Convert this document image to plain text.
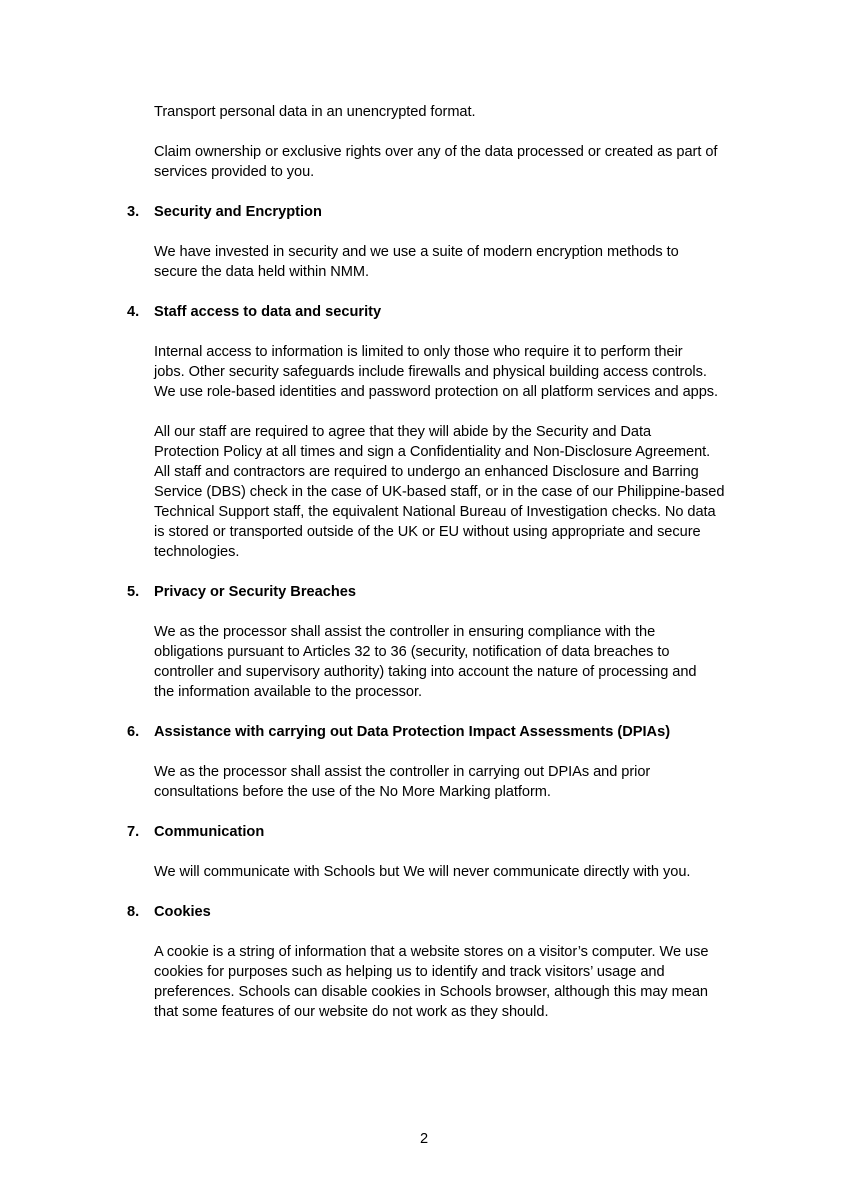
Transport personal data in an unencrypted format.
Claim ownership or exclusive rights over any of the data processed or created as part of
services provided to you.
3. Security and Encryption
We have invested in security and we use a suite of modern encryption methods to
secure the data held within NMM.
4. Staff access to data and security
Internal access to information is limited to only those who require it to perform their
jobs. Other security safeguards include firewalls and physical building access controls.
We use role-based identities and password protection on all platform services and apps.
All our staff are required to agree that they will abide by the Security and Data
Protection Policy at all times and sign a Confidentiality and Non-Disclosure Agreement.
All staff and contractors are required to undergo an enhanced Disclosure and Barring
Service (DBS) check in the case of UK-based staff, or in the case of our Philippine-based
Technical Support staff, the equivalent National Bureau of Investigation checks. No data
is stored or transported outside of the UK or EU without using appropriate and secure
technologies.
5. Privacy or Security Breaches
We as the processor shall assist the controller in ensuring compliance with the
obligations pursuant to Articles 32 to 36 (security, notification of data breaches to
controller and supervisory authority) taking into account the nature of processing and
the information available to the processor.
6. Assistance with carrying out Data Protection Impact Assessments (DPIAs)
We as the processor shall assist the controller in carrying out DPIAs and prior
consultations before the use of the No More Marking platform.
7. Communication
We will communicate with Schools but We will never communicate directly with you.
8. Cookies
A cookie is a string of information that a website stores on a visitor’s computer. We use
cookies for purposes such as helping us to identify and track visitors’ usage and
preferences. Schools can disable cookies in Schools browser, although this may mean
that some features of our website do not work as they should.
2
